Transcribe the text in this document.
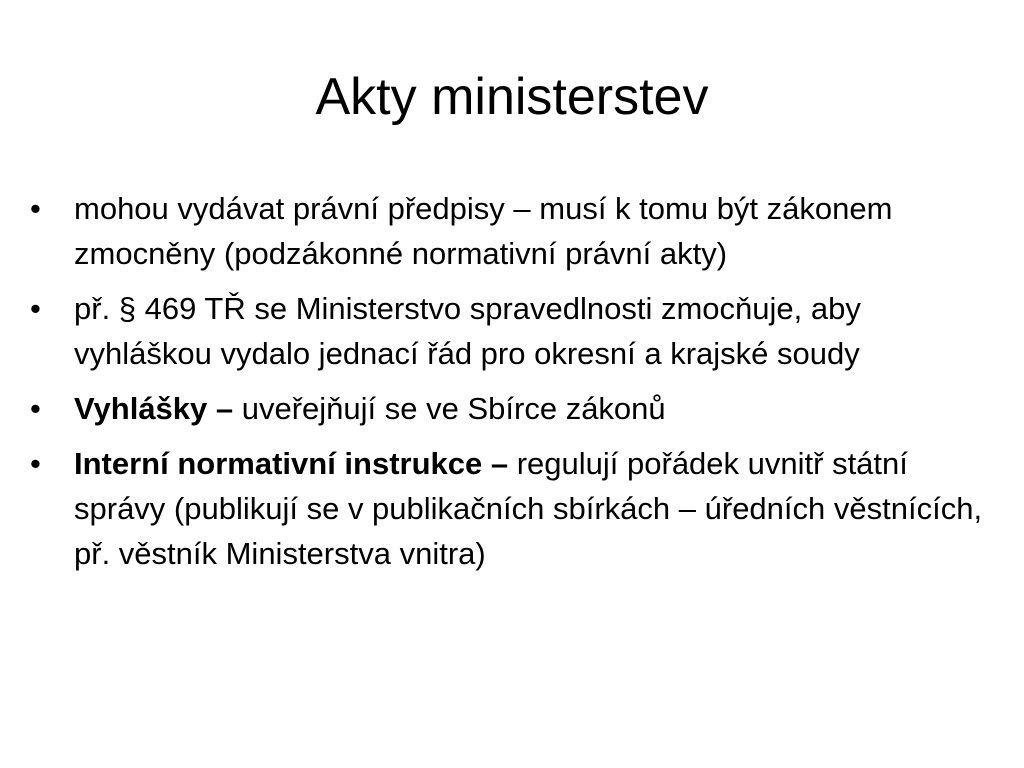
Akty ministerstev
• mohou vydávat právní předpisy – musí k tomu být zákonem zmocněny (podzákonné normativní právní akty)
• př. § 469 TŘ se Ministerstvo spravedlnosti zmocňuje, aby vyhláškou vydalo jednací řád pro okresní a krajské soudy
• Vyhlášky – uveřejňují se ve Sbírce zákonů
• Interní normativní instrukce – regulují pořádek uvnitř státní správy (publikují se v publikačních sbírkách – úředních věstnících, př. věstník Ministerstva vnitra)
